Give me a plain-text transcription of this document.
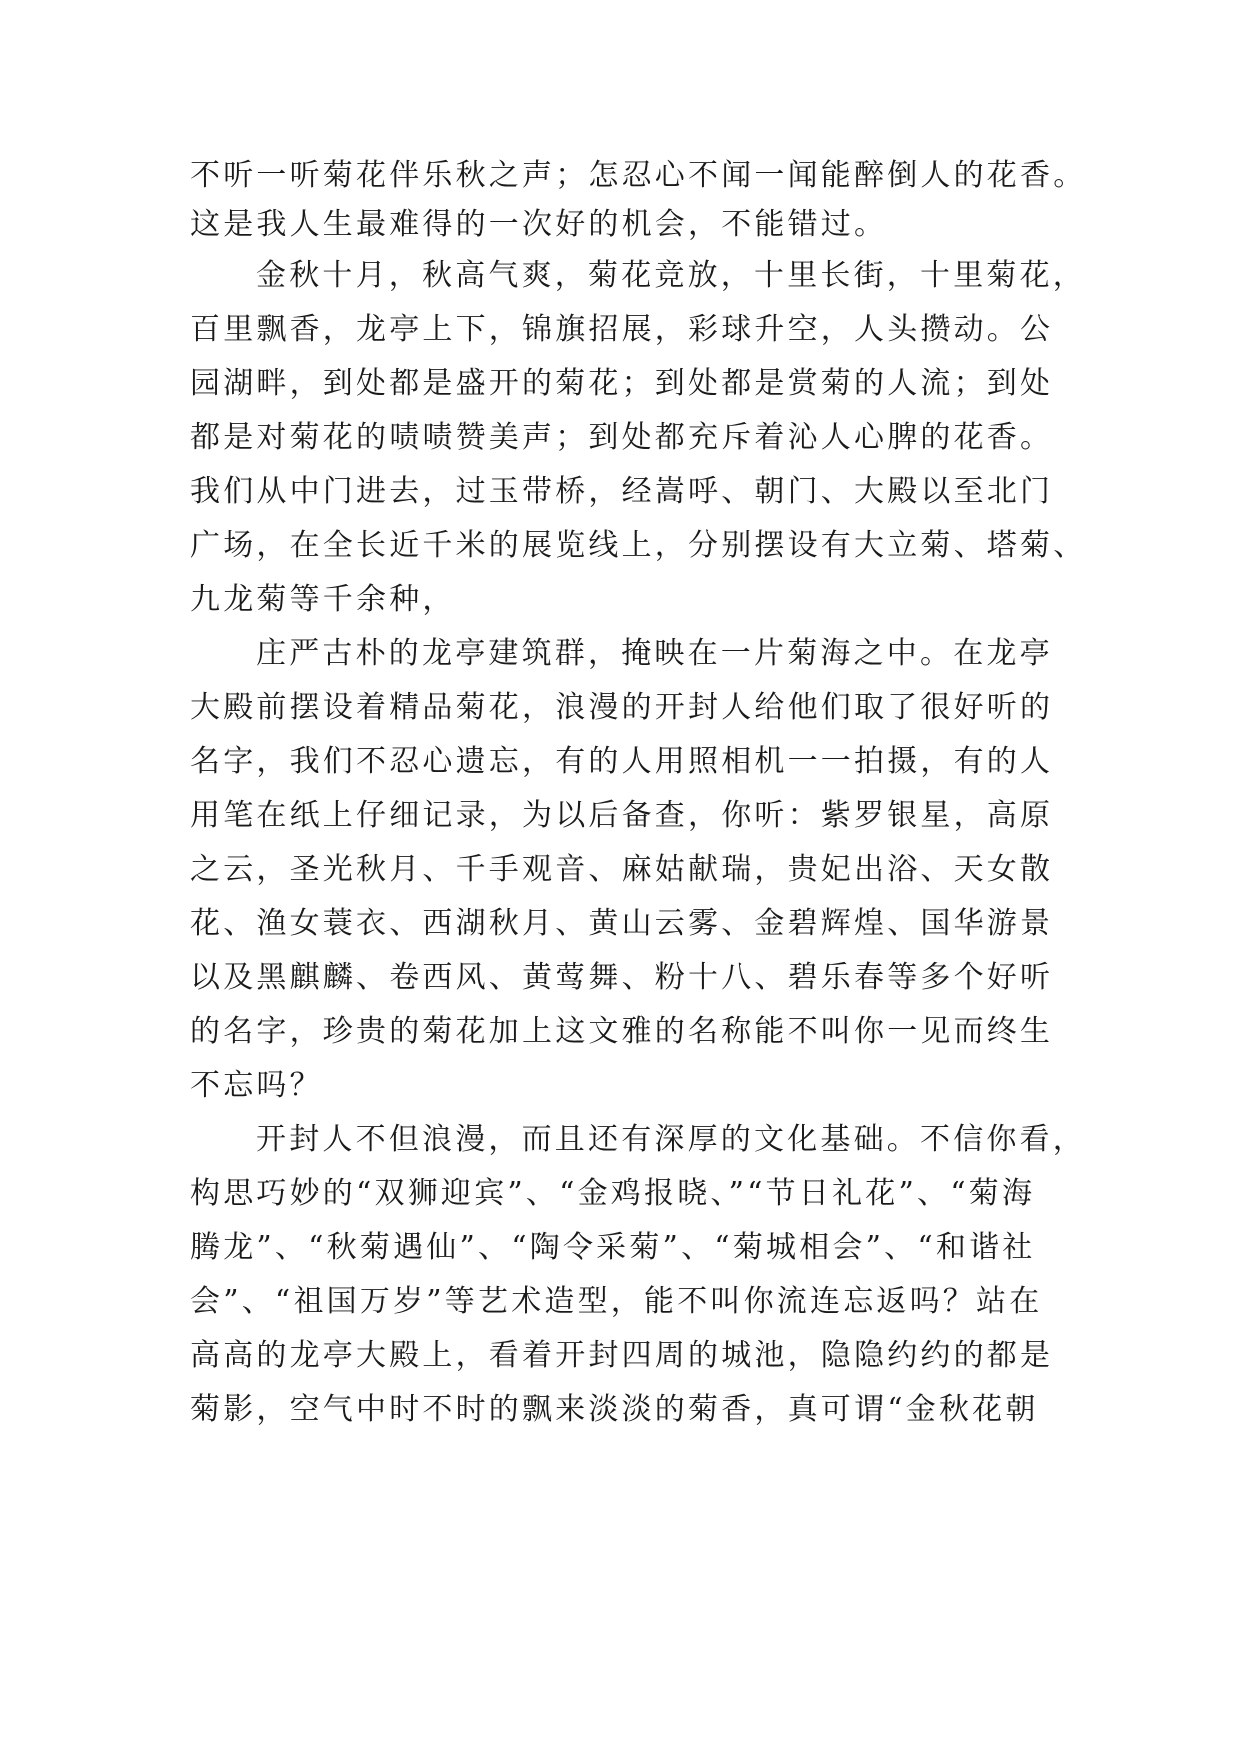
不听一听菊花伴乐秋之声；怎忍心不闻一闻能醉倒人的花香。
这是我人生最难得的一次好的机会，不能错过。
金秋十月，秋高气爽，菊花竞放，十里长街，十里菊花，
百里飘香，龙亭上下，锦旗招展，彩球升空，人头攒动。公
园湖畔，到处都是盛开的菊花；到处都是赏菊的人流；到处
都是对菊花的啧啧赞美声；到处都充斥着沁人心脾的花香。
我们从中门进去，过玉带桥，经嵩呼、朝门、大殿以至北门
广场，在全长近千米的展览线上，分别摆设有大立菊、塔菊、
九龙菊等千余种，
庄严古朴的龙亭建筑群，掩映在一片菊海之中。在龙亭
大殿前摆设着精品菊花，浪漫的开封人给他们取了很好听的
名字，我们不忍心遗忘，有的人用照相机一一拍摄，有的人
用笔在纸上仔细记录，为以后备查，你听：紫罗银星，高原
之云，圣光秋月、千手观音、麻姑献瑞，贵妃出浴、天女散
花、渔女蓑衣、西湖秋月、黄山云雾、金碧辉煌、国华游景
以及黑麒麟、卷西风、黄莺舞、粉十八、碧乐春等多个好听
的名字，珍贵的菊花加上这文雅的名称能不叫你一见而终生
不忘吗？
开封人不但浪漫，而且还有深厚的文化基础。不信你看，
构思巧妙的“双狮迎宾”、“金鸡报晓、”“节日礼花”、“菊海
腾龙”、“秋菊遇仙”、“陶令采菊”、“菊城相会”、“和谐社
会”、“祖国万岁”等艺术造型，能不叫你流连忘返吗？站在
高高的龙亭大殿上，看着开封四周的城池，隐隐约约的都是
菊影，空气中时不时的飘来淡淡的菊香，真可谓“金秋花朝
